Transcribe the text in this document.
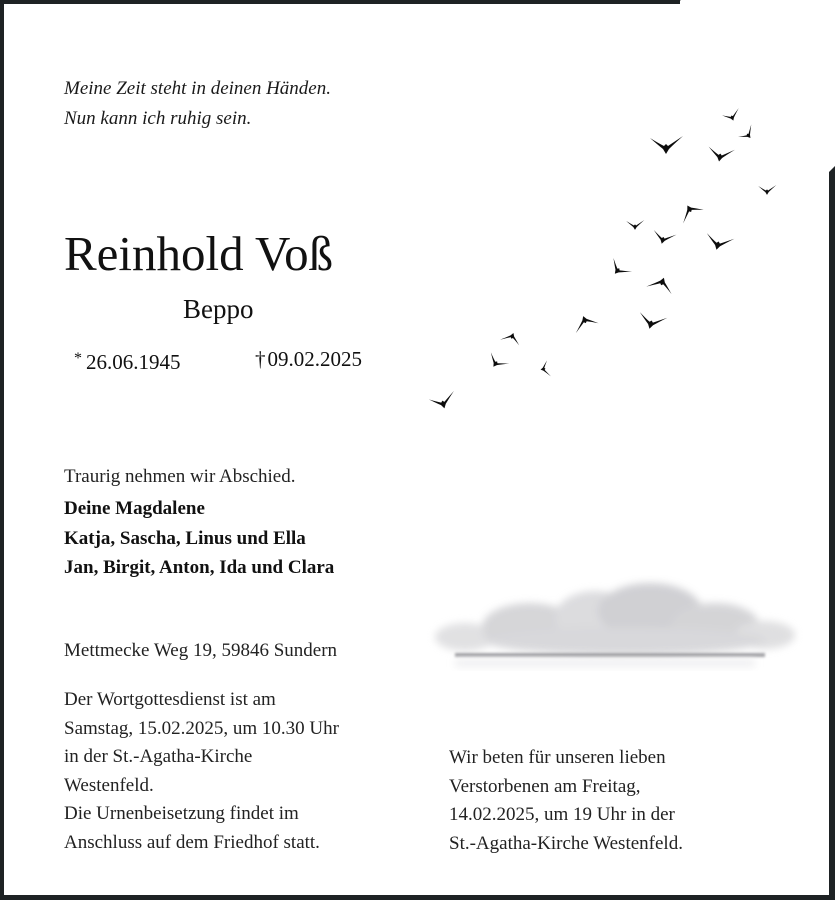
Meine Zeit steht in deinen Händen.
Nun kann ich ruhig sein.
Reinhold Voß
Beppo
* 26.06.1945	†09.02.2025
Traurig nehmen wir Abschied.
Deine Magdalene
Katja, Sascha, Linus und Ella
Jan, Birgit, Anton, Ida und Clara
Mettmecke Weg 19, 59846 Sundern
Der Wortgottesdienst ist am
Samstag, 15.02.2025, um 10.30 Uhr
in der St.-Agatha-Kirche
Westenfeld.
Die Urnenbeisetzung findet im
Anschluss auf dem Friedhof statt.
Wir beten für unseren lieben
Verstorbenen am Freitag,
14.02.2025, um 19 Uhr in der
St.-Agatha-Kirche Westenfeld.
